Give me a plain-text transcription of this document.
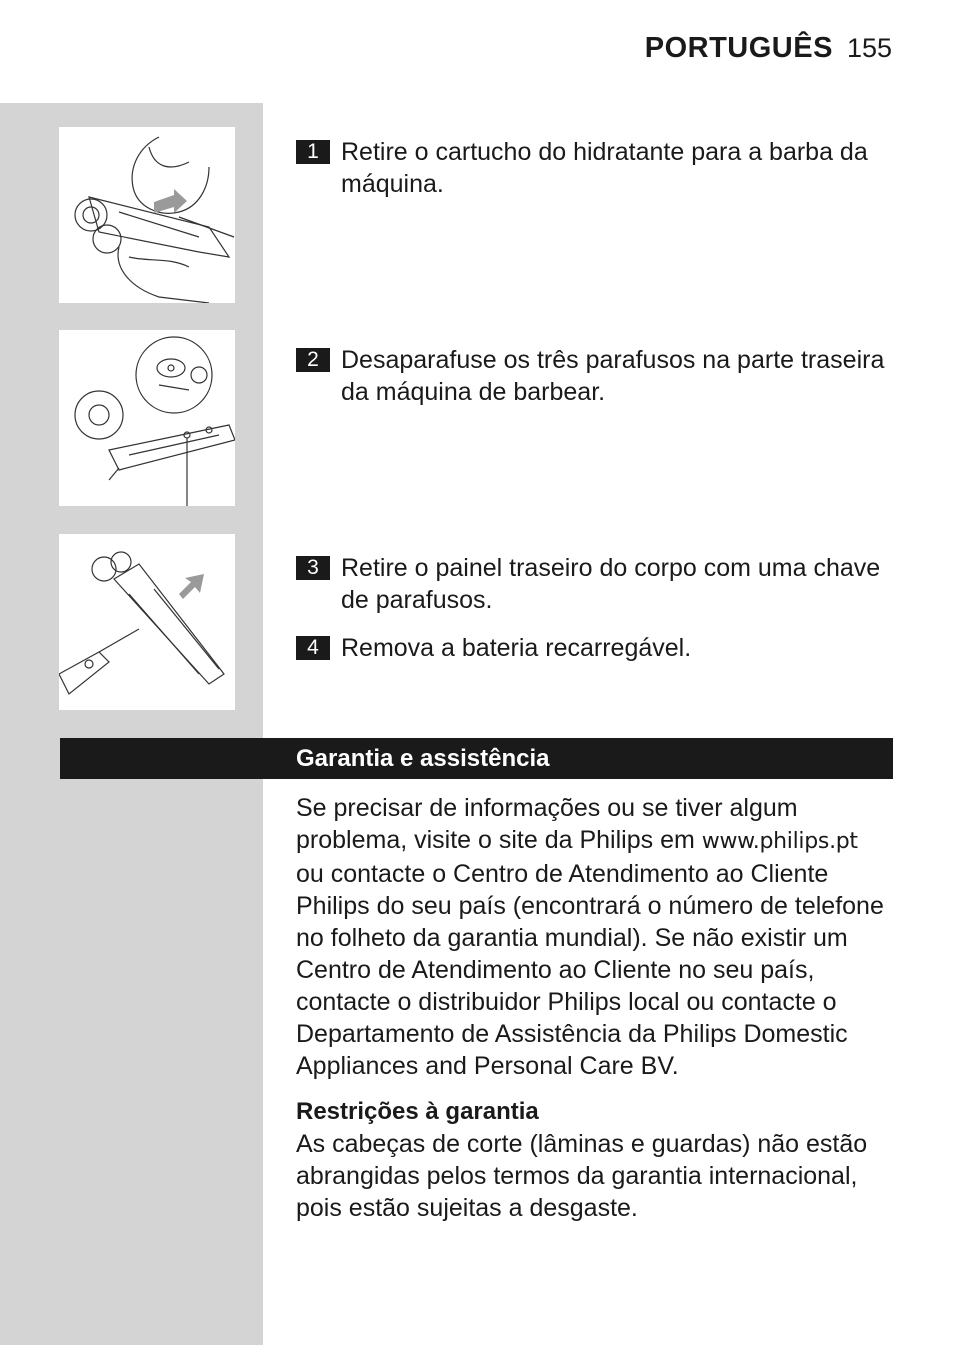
PORTUGUÊS 155
1 Retire o cartucho do hidratante para a barba da máquina.
2 Desaparafuse os três parafusos na parte traseira da máquina de barbear.
3 Retire o painel traseiro do corpo com uma chave de parafusos.
4 Remova a bateria recarregável.
Garantia e assistência
Se precisar de informações ou se tiver algum problema, visite o site da Philips em www.philips.pt ou contacte o Centro de Atendimento ao Cliente Philips do seu país (encontrará o número de telefone no folheto da garantia mundial). Se não existir um Centro de Atendimento ao Cliente no seu país, contacte o distribuidor Philips local ou contacte o Departamento de Assistência da Philips Domestic Appliances and Personal Care BV.
Restrições à garantia
As cabeças de corte (lâminas e guardas) não estão abrangidas pelos termos da garantia internacional, pois estão sujeitas a desgaste.
